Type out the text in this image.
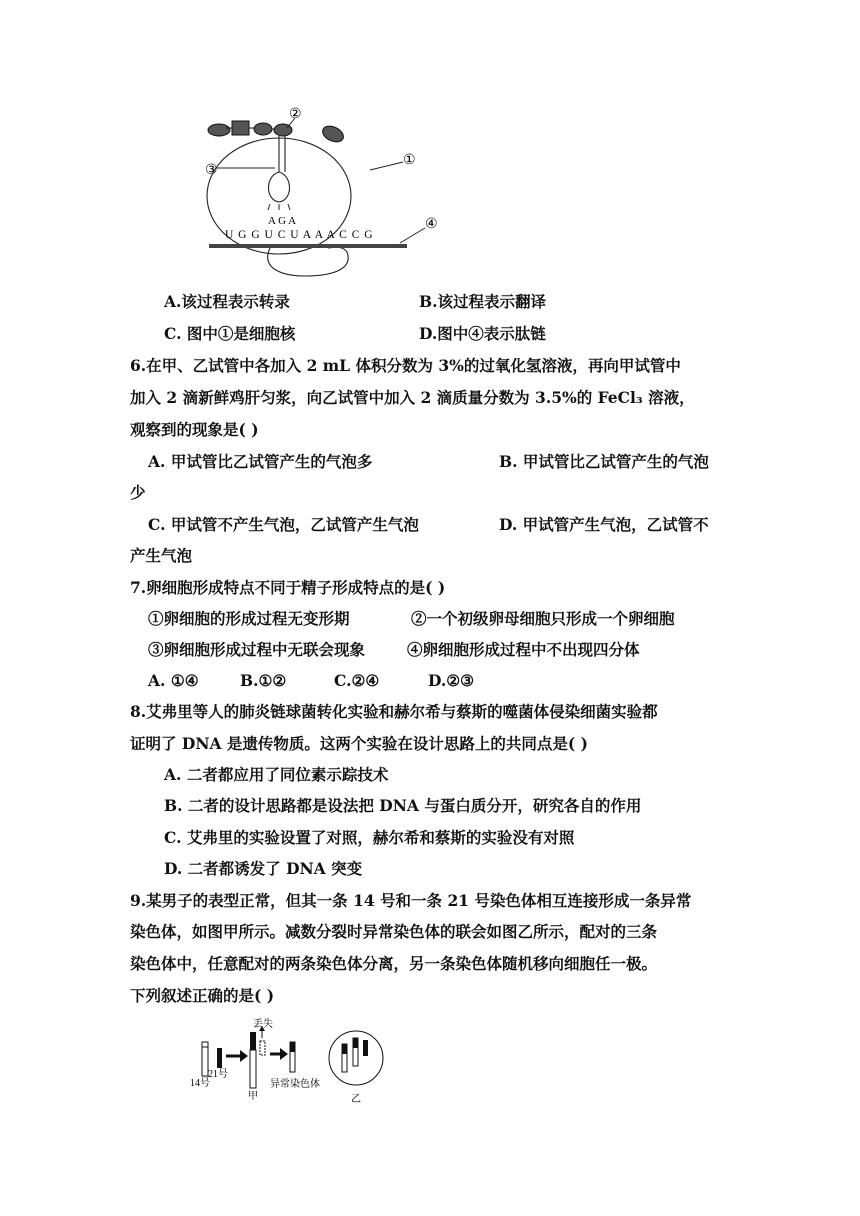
②
③
①
④
A G A
U G G U C U A A A C C G
A.该过程表示转录	B.该过程表示翻译
C. 图中①是细胞核	D.图中④表示肽链
6.在甲、乙试管中各加入 2 mL 体积分数为 3%的过氧化氢溶液，再向甲试管中
加入 2 滴新鲜鸡肝匀浆，向乙试管中加入 2 滴质量分数为 3.5%的 FeCl₃ 溶液，
观察到的现象是( )
A. 甲试管比乙试管产生的气泡多	B. 甲试管比乙试管产生的气泡
少
C. 甲试管不产生气泡，乙试管产生气泡	D. 甲试管产生气泡，乙试管不
产生气泡
7.卵细胞形成特点不同于精子形成特点的是( )
①卵细胞的形成过程无变形期	②一个初级卵母细胞只形成一个卵细胞
③卵细胞形成过程中无联会现象	④卵细胞形成过程中不出现四分体
A. ①④	B.①②	C.②④	D.②③
8.艾弗里等人的肺炎链球菌转化实验和赫尔希与蔡斯的噬菌体侵染细菌实验都
证明了 DNA 是遗传物质。这两个实验在设计思路上的共同点是( )
A. 二者都应用了同位素示踪技术
B. 二者的设计思路都是设法把 DNA 与蛋白质分开，研究各自的作用
C. 艾弗里的实验设置了对照，赫尔希和蔡斯的实验没有对照
D. 二者都诱发了 DNA 突变
9.某男子的表型正常，但其一条 14 号和一条 21 号染色体相互连接形成一条异常
染色体，如图甲所示。减数分裂时异常染色体的联会如图乙所示，配对的三条
染色体中，任意配对的两条染色体分离，另一条染色体随机移向细胞任一极。
下列叙述正确的是( )
丢失
21号
14号
甲
异常染色体
乙
